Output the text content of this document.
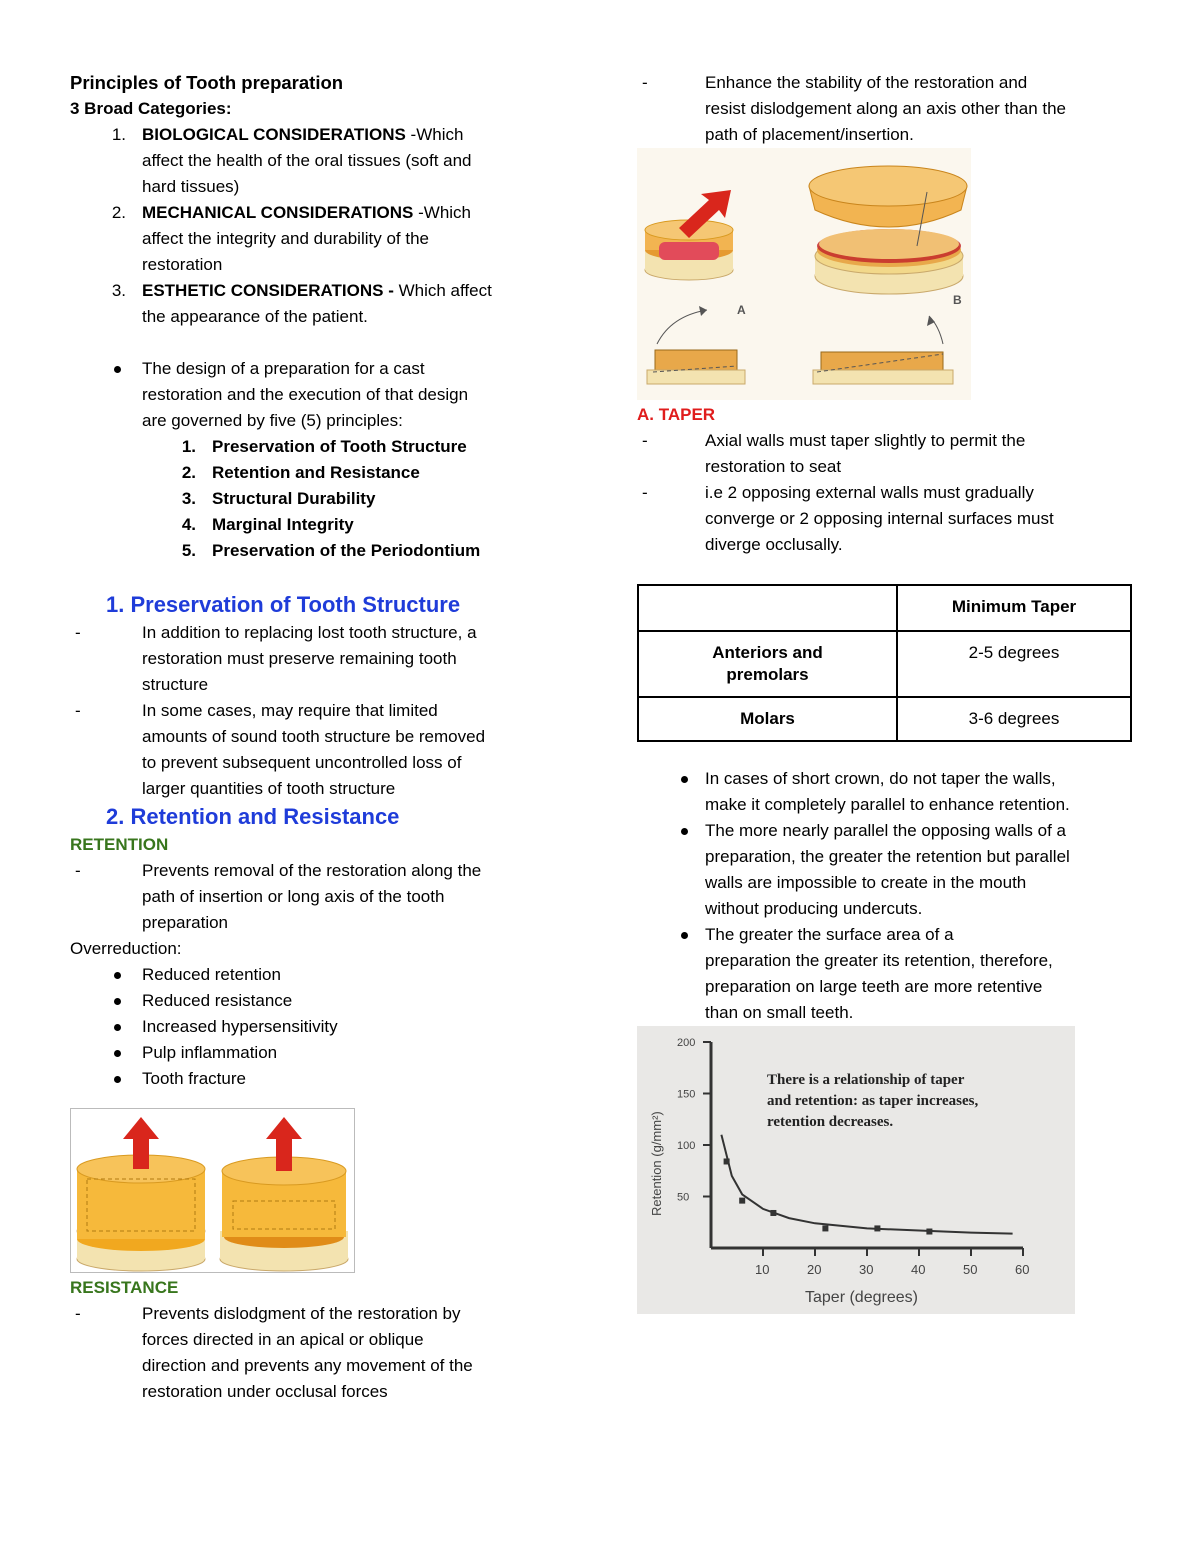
Principles of Tooth preparation
3 Broad Categories:
1. BIOLOGICAL CONSIDERATIONS -Which
affect the health of the oral tissues (soft and
hard tissues)
2. MECHANICAL CONSIDERATIONS -Which
affect the integrity and durability of the
restoration
3. ESTHETIC CONSIDERATIONS - Which affect
the appearance of the patient.
The design of a preparation for a cast
restoration and the execution of that design
are governed by five (5) principles:
1. Preservation of Tooth Structure
2. Retention and Resistance
3. Structural Durability
4. Marginal Integrity
5. Preservation of the Periodontium
1. Preservation of Tooth Structure
-
In addition to replacing lost tooth structure, a
restoration must preserve remaining tooth
structure
-
In some cases, may require that limited
amounts of sound tooth structure be removed
to prevent subsequent uncontrolled loss of
larger quantities of tooth structure
2. Retention and Resistance
RETENTION
-
Prevents removal of the restoration along the
path of insertion or long axis of the tooth
preparation
Overreduction:
Reduced retention
Reduced resistance
Increased hypersensitivity
Pulp inflammation
Tooth fracture
RESISTANCE
-
Prevents dislodgment of the restoration by
forces directed in an apical or oblique
direction and prevents any movement of the
restoration under occlusal forces
-
Enhance the stability of the restoration and
resist dislodgement along an axis other than the
path of placement/insertion.
A
B
A. TAPER
-
Axial walls must taper slightly to permit the
restoration to seat
-
i.e 2 opposing external walls must gradually
converge or 2 opposing internal surfaces must
diverge occlusally.
	Minimum Taper
Anteriors and premolars	2-5 degrees
Molars	3-6 degrees
In cases of short crown, do not taper the walls,
make it completely parallel to enhance retention.
The more nearly parallel the opposing walls of a
preparation, the greater the retention but parallel
walls are impossible to create in the mouth
without producing undercuts.
The greater the surface area of a
preparation the greater its retention, therefore,
preparation on large teeth are more retentive
than on small teeth.
10	20	30	40	50	60
50
100
150
200
There is a relationship of taper and retention: as taper increases, retention decreases.
Taper (degrees)
Retention (g/mm²)
